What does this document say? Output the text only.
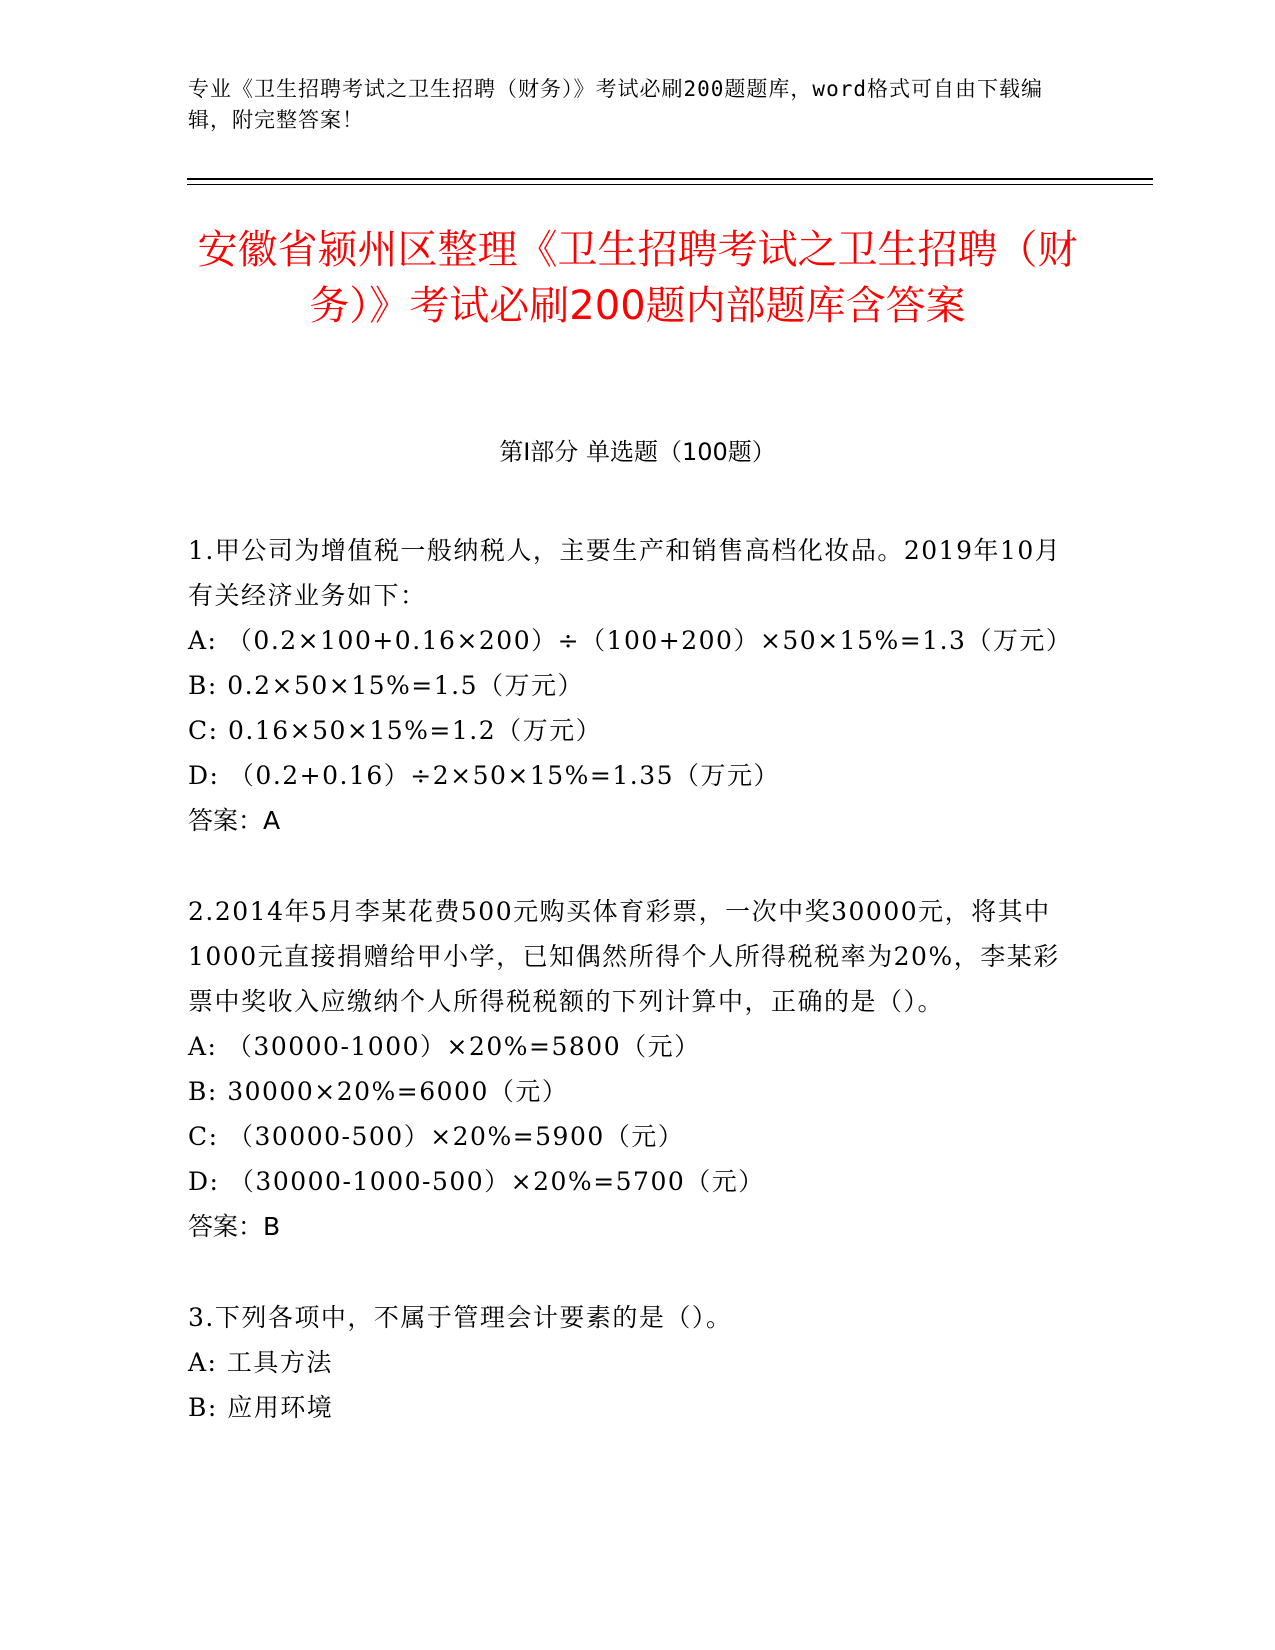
专业《卫生招聘考试之卫生招聘（财务）》考试必刷200题题库，word格式可自由下载编辑，附完整答案！
安徽省颍州区整理《卫生招聘考试之卫生招聘（财务）》考试必刷200题内部题库含答案
第I部分 单选题（100题）

1.甲公司为增值税一般纳税人，主要生产和销售高档化妆品。2019年10月有关经济业务如下：

A: （0.2×100+0.16×200）÷（100+200）×50×15%=1.3（万元）

B: 0.2×50×15%=1.5（万元）

C: 0.16×50×15%=1.2（万元）

D: （0.2+0.16）÷2×50×15%=1.35（万元）

答案：A

2.2014年5月李某花费500元购买体育彩票，一次中奖30000元，将其中1000元直接捐赠给甲小学，已知偶然所得个人所得税税率为20%，李某彩票中奖收入应缴纳个人所得税税额的下列计算中，正确的是（）。

A: （30000-1000）×20%=5800（元）

B: 30000×20%=6000（元）

C: （30000-500）×20%=5900（元）

D: （30000-1000-500）×20%=5700（元）

答案：B

3.下列各项中，不属于管理会计要素的是（）。

A: 工具方法

B: 应用环境
